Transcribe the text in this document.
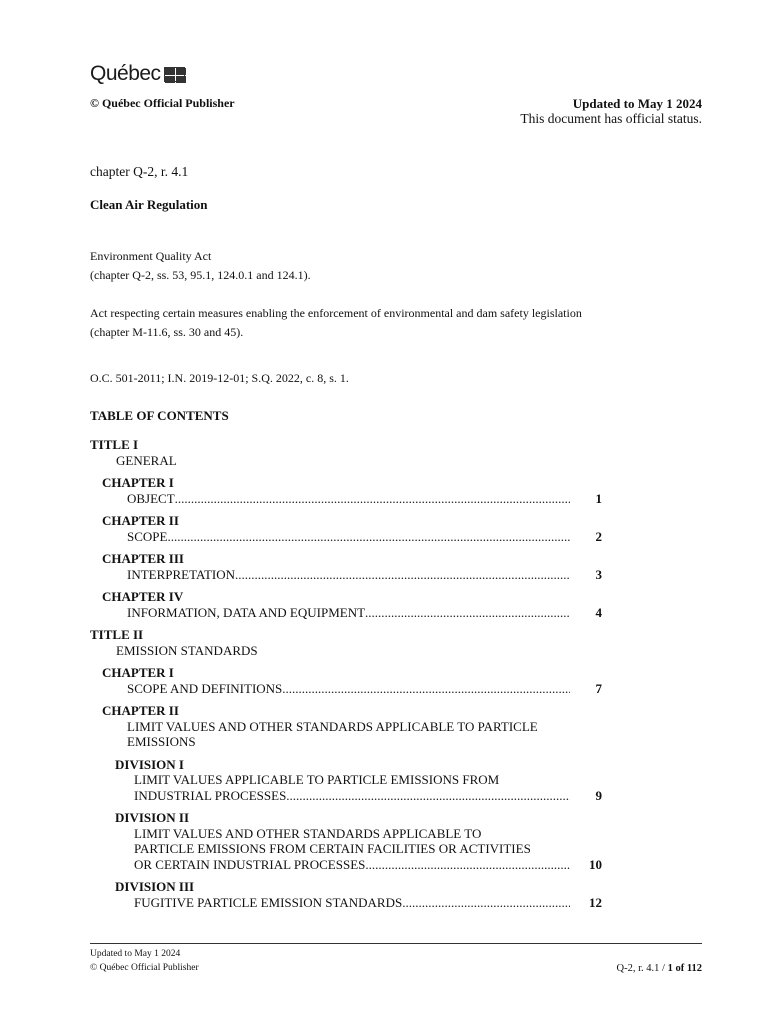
Québec
© Québec Official Publisher	Updated to May 1 2024
This document has official status.
chapter Q-2, r. 4.1
Clean Air Regulation
Environment Quality Act
(chapter Q-2, ss. 53, 95.1, 124.0.1 and 124.1).
Act respecting certain measures enabling the enforcement of environmental and dam safety legislation
(chapter M-11.6, ss. 30 and 45).
O.C. 501-2011; I.N. 2019-12-01; S.Q. 2022, c. 8, s. 1.
TABLE OF CONTENTS
TITLE I
GENERAL
CHAPTER I
OBJECT .....	1
CHAPTER II
SCOPE .....	2
CHAPTER III
INTERPRETATION .....	3
CHAPTER IV
INFORMATION, DATA AND EQUIPMENT .....	4
TITLE II
EMISSION STANDARDS
CHAPTER I
SCOPE AND DEFINITIONS .....	7
CHAPTER II
LIMIT VALUES AND OTHER STANDARDS APPLICABLE TO PARTICLE
EMISSIONS
DIVISION I
LIMIT VALUES APPLICABLE TO PARTICLE EMISSIONS FROM
INDUSTRIAL PROCESSES .....	9
DIVISION II
LIMIT VALUES AND OTHER STANDARDS APPLICABLE TO
PARTICLE EMISSIONS FROM CERTAIN FACILITIES OR ACTIVITIES
OR CERTAIN INDUSTRIAL PROCESSES .....	10
DIVISION III
FUGITIVE PARTICLE EMISSION STANDARDS .....	12
Updated to May 1 2024
© Québec Official Publisher	Q-2, r. 4.1 / 1 of 112
